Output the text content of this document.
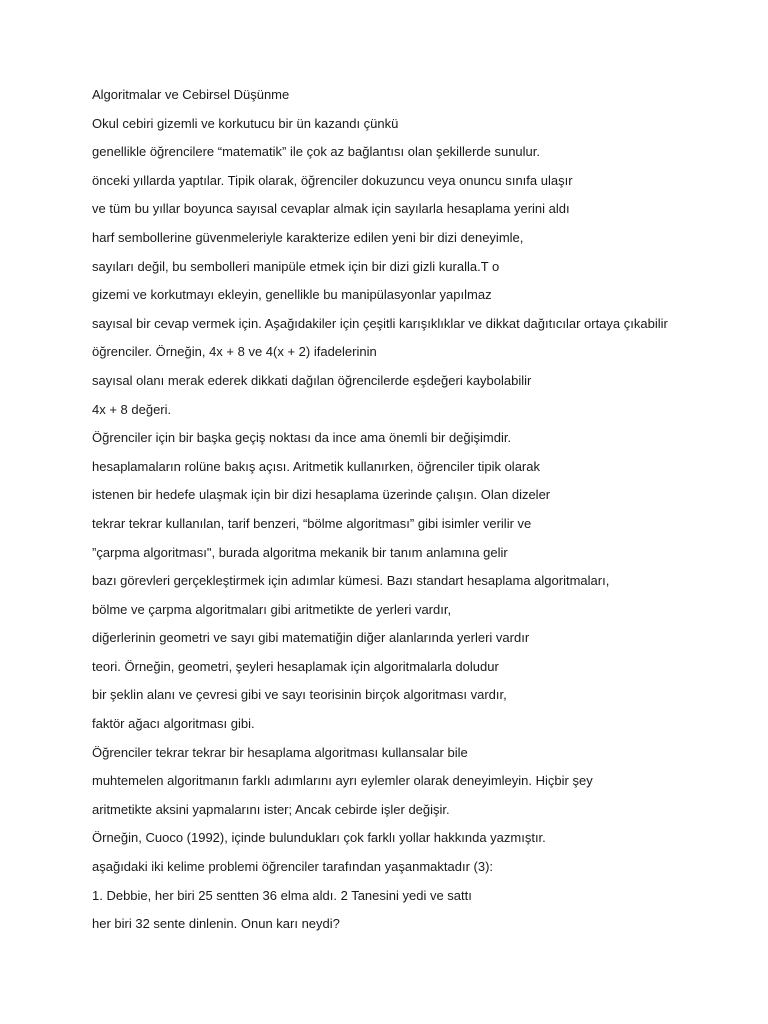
Algoritmalar ve Cebirsel Düşünme
Okul cebiri gizemli ve korkutucu bir ün kazandı çünkü
genellikle öğrencilere “matematik” ile çok az bağlantısı olan şekillerde sunulur.
önceki yıllarda yaptılar. Tipik olarak, öğrenciler dokuzuncu veya onuncu sınıfa ulaşır
ve tüm bu yıllar boyunca sayısal cevaplar almak için sayılarla hesaplama yerini aldı
harf sembollerine güvenmeleriyle karakterize edilen yeni bir dizi deneyimle,
sayıları değil, bu sembolleri manipüle etmek için bir dizi gizli kuralla.T o
gizemi ve korkutmayı ekleyin, genellikle bu manipülasyonlar yapılmaz
sayısal bir cevap vermek için. Aşağıdakiler için çeşitli karışıklıklar ve dikkat dağıtıcılar ortaya çıkabilir
öğrenciler. Örneğin, 4x + 8 ve 4(x + 2) ifadelerinin
sayısal olanı merak ederek dikkati dağılan öğrencilerde eşdeğeri kaybolabilir
4x + 8 değeri.
Öğrenciler için bir başka geçiş noktası da ince ama önemli bir değişimdir.
hesaplamaların rolüne bakış açısı. Aritmetik kullanırken, öğrenciler tipik olarak
istenen bir hedefe ulaşmak için bir dizi hesaplama üzerinde çalışın. Olan dizeler
tekrar tekrar kullanılan, tarif benzeri, “bölme algoritması” gibi isimler verilir ve
”çarpma algoritması", burada algoritma mekanik bir tanım anlamına gelir
bazı görevleri gerçekleştirmek için adımlar kümesi. Bazı standart hesaplama algoritmaları,
bölme ve çarpma algoritmaları gibi aritmetikte de yerleri vardır,
diğerlerinin geometri ve sayı gibi matematiğin diğer alanlarında yerleri vardır
teori. Örneğin, geometri, şeyleri hesaplamak için algoritmalarla doludur
bir şeklin alanı ve çevresi gibi ve sayı teorisinin birçok algoritması vardır,
faktör ağacı algoritması gibi.
Öğrenciler tekrar tekrar bir hesaplama algoritması kullansalar bile
muhtemelen algoritmanın farklı adımlarını ayrı eylemler olarak deneyimleyin. Hiçbir şey
aritmetikte aksini yapmalarını ister; Ancak cebirde işler değişir.
Örneğin, Cuoco (1992), içinde bulundukları çok farklı yollar hakkında yazmıştır.
aşağıdaki iki kelime problemi öğrenciler tarafından yaşanmaktadır (3):
1. Debbie, her biri 25 sentten 36 elma aldı. 2 Tanesini yedi ve sattı
her biri 32 sente dinlenin. Onun karı neydi?
